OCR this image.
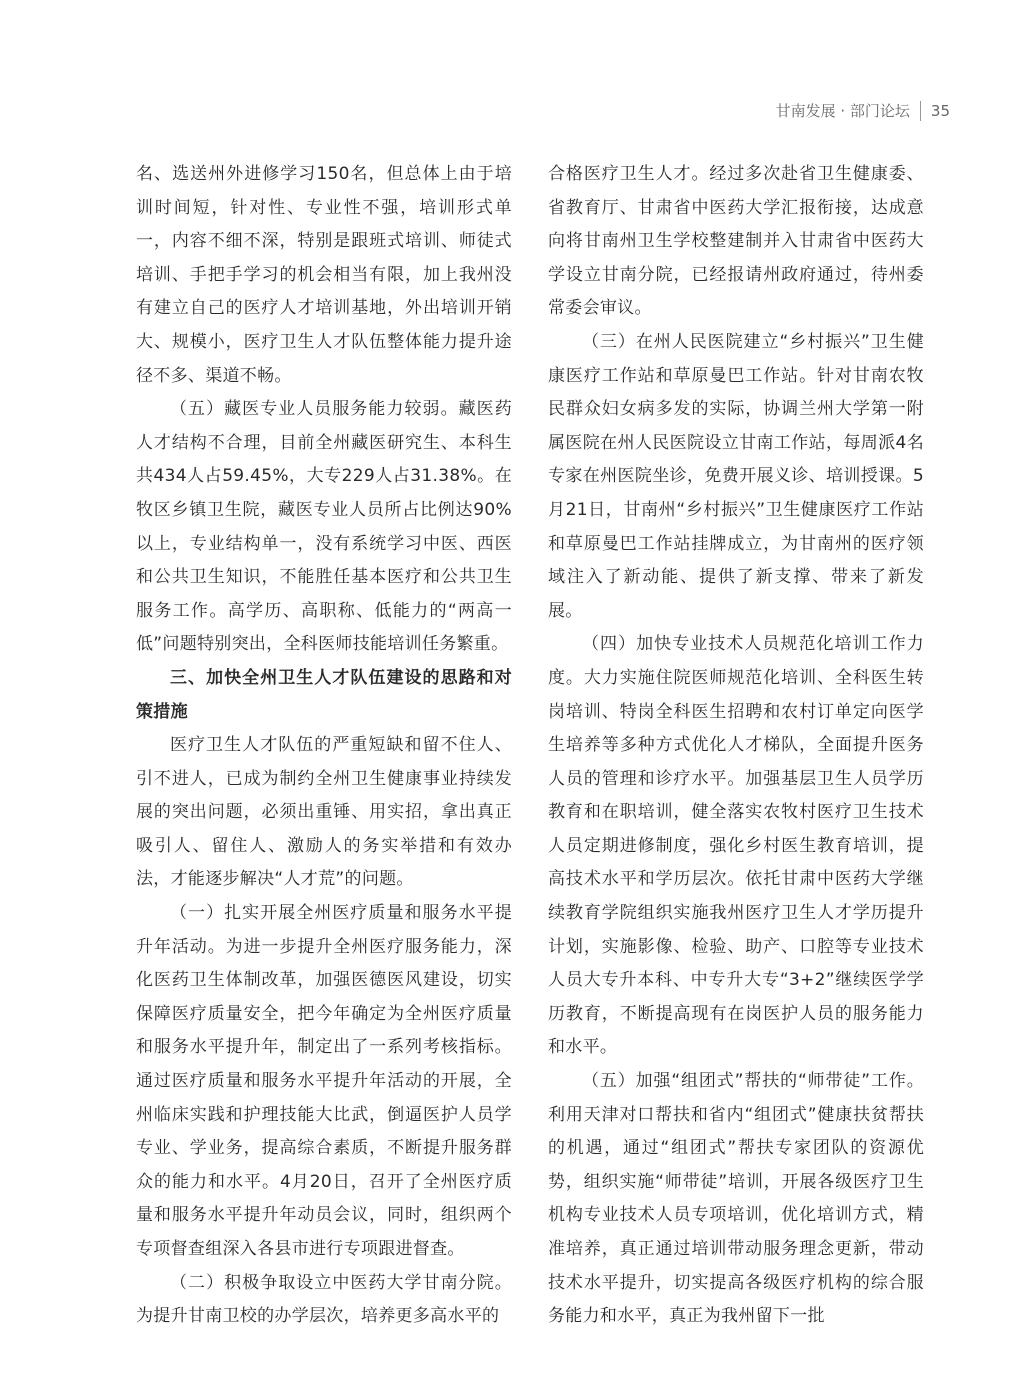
甘南发展 · 部门论坛 35

名、选送州外进修学习150名，但总体上由于培训时间短，针对性、专业性不强，培训形式单一，内容不细不深，特别是跟班式培训、师徒式培训、手把手学习的机会相当有限，加上我州没有建立自己的医疗人才培训基地，外出培训开销大、规模小，医疗卫生人才队伍整体能力提升途径不多、渠道不畅。

（五）藏医专业人员服务能力较弱。藏医药人才结构不合理，目前全州藏医研究生、本科生共434人占59.45%，大专229人占31.38%。在牧区乡镇卫生院，藏医专业人员所占比例达90%以上，专业结构单一，没有系统学习中医、西医和公共卫生知识，不能胜任基本医疗和公共卫生服务工作。高学历、高职称、低能力的“两高一低”问题特别突出，全科医师技能培训任务繁重。

三、加快全州卫生人才队伍建设的思路和对策措施

医疗卫生人才队伍的严重短缺和留不住人、引不进人，已成为制约全州卫生健康事业持续发展的突出问题，必须出重锤、用实招，拿出真正吸引人、留住人、激励人的务实举措和有效办法，才能逐步解决“人才荒”的问题。

（一）扎实开展全州医疗质量和服务水平提升年活动。为进一步提升全州医疗服务能力，深化医药卫生体制改革，加强医德医风建设，切实保障医疗质量安全，把今年确定为全州医疗质量和服务水平提升年，制定出了一系列考核指标。通过医疗质量和服务水平提升年活动的开展，全州临床实践和护理技能大比武，倒逼医护人员学专业、学业务，提高综合素质，不断提升服务群众的能力和水平。4月20日，召开了全州医疗质量和服务水平提升年动员会议，同时，组织两个专项督查组深入各县市进行专项跟进督查。

（二）积极争取设立中医药大学甘南分院。为提升甘南卫校的办学层次，培养更多高水平的

合格医疗卫生人才。经过多次赴省卫生健康委、省教育厅、甘肃省中医药大学汇报衔接，达成意向将甘南州卫生学校整建制并入甘肃省中医药大学设立甘南分院，已经报请州政府通过，待州委常委会审议。

（三）在州人民医院建立“乡村振兴”卫生健康医疗工作站和草原曼巴工作站。针对甘南农牧民群众妇女病多发的实际，协调兰州大学第一附属医院在州人民医院设立甘南工作站，每周派4名专家在州医院坐诊，免费开展义诊、培训授课。5月21日，甘南州“乡村振兴”卫生健康医疗工作站和草原曼巴工作站挂牌成立，为甘南州的医疗领域注入了新动能、提供了新支撑、带来了新发展。

（四）加快专业技术人员规范化培训工作力度。大力实施住院医师规范化培训、全科医生转岗培训、特岗全科医生招聘和农村订单定向医学生培养等多种方式优化人才梯队，全面提升医务人员的管理和诊疗水平。加强基层卫生人员学历教育和在职培训，健全落实农牧村医疗卫生技术人员定期进修制度，强化乡村医生教育培训，提高技术水平和学历层次。依托甘肃中医药大学继续教育学院组织实施我州医疗卫生人才学历提升计划，实施影像、检验、助产、口腔等专业技术人员大专升本科、中专升大专“3+2”继续医学学历教育，不断提高现有在岗医护人员的服务能力和水平。

（五）加强“组团式”帮扶的“师带徒”工作。利用天津对口帮扶和省内“组团式”健康扶贫帮扶的机遇，通过“组团式”帮扶专家团队的资源优势，组织实施“师带徒”培训，开展各级医疗卫生机构专业技术人员专项培训，优化培训方式，精准培养，真正通过培训带动服务理念更新，带动技术水平提升，切实提高各级医疗机构的综合服务能力和水平，真正为我州留下一批
